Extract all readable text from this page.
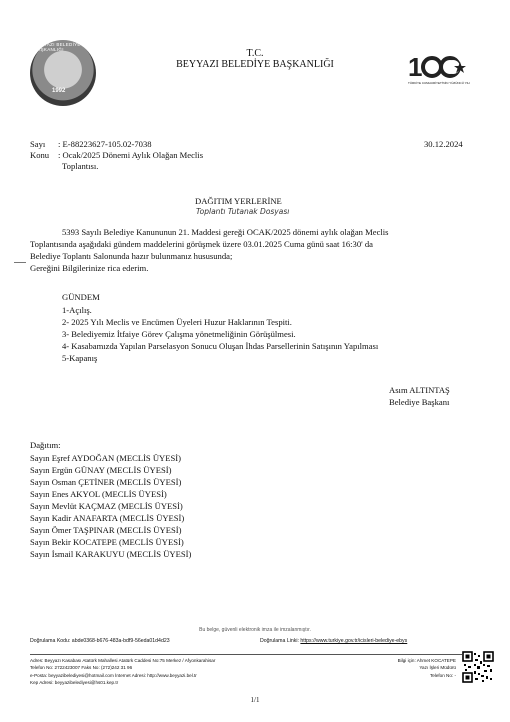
BEYYAZI BELEDİYE BAŞKANLIĞI
1992
T.C.
BEYYAZI BELEDİYE BAŞKANLIĞI	1
TÜRKİYE CUMHURİYETİ'NİN YÜZÜNCÜ YILI
Sayı : E-88223627-105.02-7038
Konu : Ocak/2025 Dönemi Aylık Olağan Meclis
Toplantısı.
30.12.2024
DAĞITIM YERLERİNE
Toplantı Tutanak Dosyası
5393 Sayılı Belediye Kanununun 21. Maddesi gereği OCAK/2025 dönemi aylık olağan Meclis
Toplantısında aşağıdaki gündem maddelerini görüşmek üzere 03.01.2025 Cuma günü saat 16:30' da
Belediye Toplantı Salonunda hazır bulunmanız hususunda;
Gereğini Bilgilerinize rica ederim.
GÜNDEM
1-Açılış.
2- 2025 Yılı Meclis ve Encümen Üyeleri Huzur Haklarının Tespiti.
3- Belediyemiz İtfaiye Görev Çalışma yönetmeliğinin Görüşülmesi.
4- Kasabamızda Yapılan Parselasyon Sonucu Oluşan İhdas Parsellerinin Satışının Yapılması
5-Kapanış
Asım ALTINTAŞ
Belediye Başkanı
Dağıtım:
Sayın Eşref AYDOĞAN (MECLİS ÜYESİ)
Sayın Ergün GÜNAY (MECLİS ÜYESİ)
Sayın Osman ÇETİNER (MECLİS ÜYESİ)
Sayın Enes AKYOL (MECLİS ÜYESİ)
Sayın Mevlüt KAÇMAZ (MECLİS ÜYESİ)
Sayın Kadir ANAFARTA (MECLİS ÜYESİ)
Sayın Ömer TAŞPINAR (MECLİS ÜYESİ)
Sayın Bekir KOCATEPE (MECLİS ÜYESİ)
Sayın İsmail KARAKUYU (MECLİS ÜYESİ)
Bu belge, güvenli elektronik imza ile imzalanmıştır.
Doğrulama Kodu: abde0368-b676-483a-bdf9-56eda01d4d23	Doğrulama Linki: https://www.turkiye.gov.tr/icisleri-belediye-ebys
Adres: Beyyazı Kasabası Atatürk Mahallesi Atatürk Caddesi No:75 Merkez / Afyonkarahisar
Telefon No: 2722423007 Faks No: (272)242 31 96
e-Posta: beyyazibelediyesi@hotmail.com İnternet Adresi: http://www.beyyazi.bel.tr
Kep Adresi: beyyazibelediyesi@hs01.kep.tr
Bilgi için: Ahmet KOCATEPE
Yazı İşleri Müdürü
Telefon No: -
1/1
